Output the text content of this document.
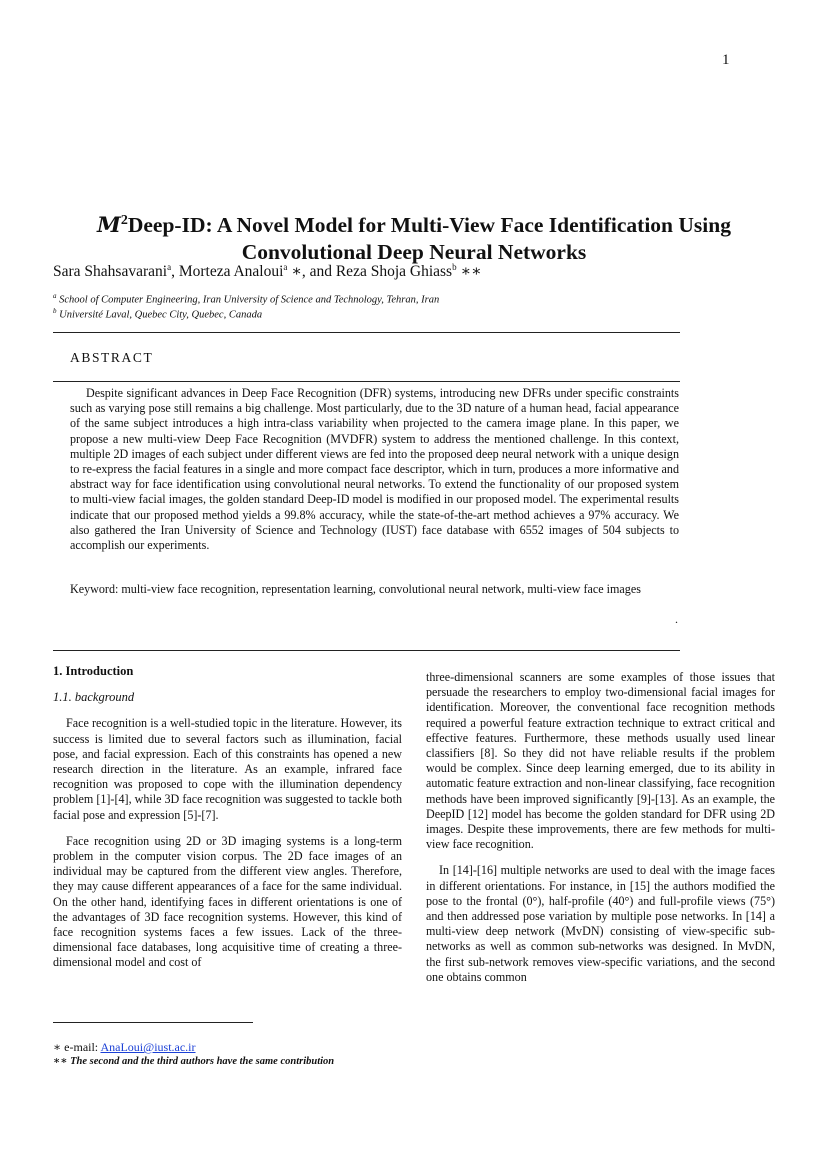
1
$M^2Deep-ID$: A Novel Model for Multi-View Face Identification Using
Convolutional Deep Neural Networks
Sara Shahsavarani$^a$, Morteza Analoui$^a$ ∗, and Reza Shoja Ghiass$^b$ ∗∗
$^a$ School of Computer Engineering, Iran University of Science and Technology, Tehran, Iran
$^b$ Université Laval, Quebec City, Quebec, Canada
ABSTRACT
Despite significant advances in Deep Face Recognition (DFR) systems, introducing new DFRs under specific constraints such as varying pose still remains a big challenge. Most particularly, due to the 3D nature of a human head, facial appearance of the same subject introduces a high intra-class variability when projected to the camera image plane. In this paper, we propose a new multi-view Deep Face Recognition (MVDFR) system to address the mentioned challenge. In this context, multiple 2D images of each subject under different views are fed into the proposed deep neural network with a unique design to re-express the facial features in a single and more compact face descriptor, which in turn, produces a more informative and abstract way for face identification using convolutional neural networks. To extend the functionality of our proposed system to multi-view facial images, the golden standard Deep-ID model is modified in our proposed model. The experimental results indicate that our proposed method yields a 99.8% accuracy, while the state-of-the-art method achieves a 97% accuracy. We also gathered the Iran University of Science and Technology (IUST) face database with 6552 images of 504 subjects to accomplish our experiments.
Keyword: multi-view face recognition, representation learning, convolutional neural network, multi-view face images
.

1. Introduction

1.1. background

Face recognition is a well-studied topic in the literature. However, its success is limited due to several factors such as illumination, facial pose, and facial expression. Each of this constraints has opened a new research direction in the literature. As an example, infrared face recognition was proposed to cope with the illumination dependency problem [1]-[4], while 3D face recognition was suggested to tackle both facial pose and expression [5]-[7].

Face recognition using 2D or 3D imaging systems is a long-term problem in the computer vision corpus. The 2D face images of an individual may be captured from the different view angles. Therefore, they may cause different appearances of a face for the same individual. On the other hand, identifying faces in different orientations is one of the advantages of 3D face recognition systems. However, this kind of face recognition systems faces a few issues. Lack of the three-dimensional face databases, long acquisitive time of creating a three-dimensional model and cost of

three-dimensional scanners are some examples of those issues that persuade the researchers to employ two-dimensional facial images for identification. Moreover, the conventional face recognition methods required a powerful feature extraction technique to extract critical and effective features. Furthermore, these methods usually used linear classifiers [8]. So they did not have reliable results if the problem would be complex. Since deep learning emerged, due to its ability in automatic feature extraction and non-linear classifying, face recognition methods have been improved significantly [9]-[13]. As an example, the DeepID [12] model has become the golden standard for DFR using 2D images. Despite these improvements, there are few methods for multi-view face recognition.

In [14]-[16] multiple networks are used to deal with the image faces in different orientations. For instance, in [15] the authors modified the pose to the frontal (0°), half-profile (40°) and full-profile views (75°) and then addressed pose variation by multiple pose networks. In [14] a multi-view deep network (MvDN) consisting of view-specific sub-networks as well as common sub-networks was designed. In MvDN, the first sub-network removes view-specific variations, and the second one obtains common

∗ e-mail: AnaLoui@iust.ac.ir
∗∗ The second and the third authors have the same contribution
